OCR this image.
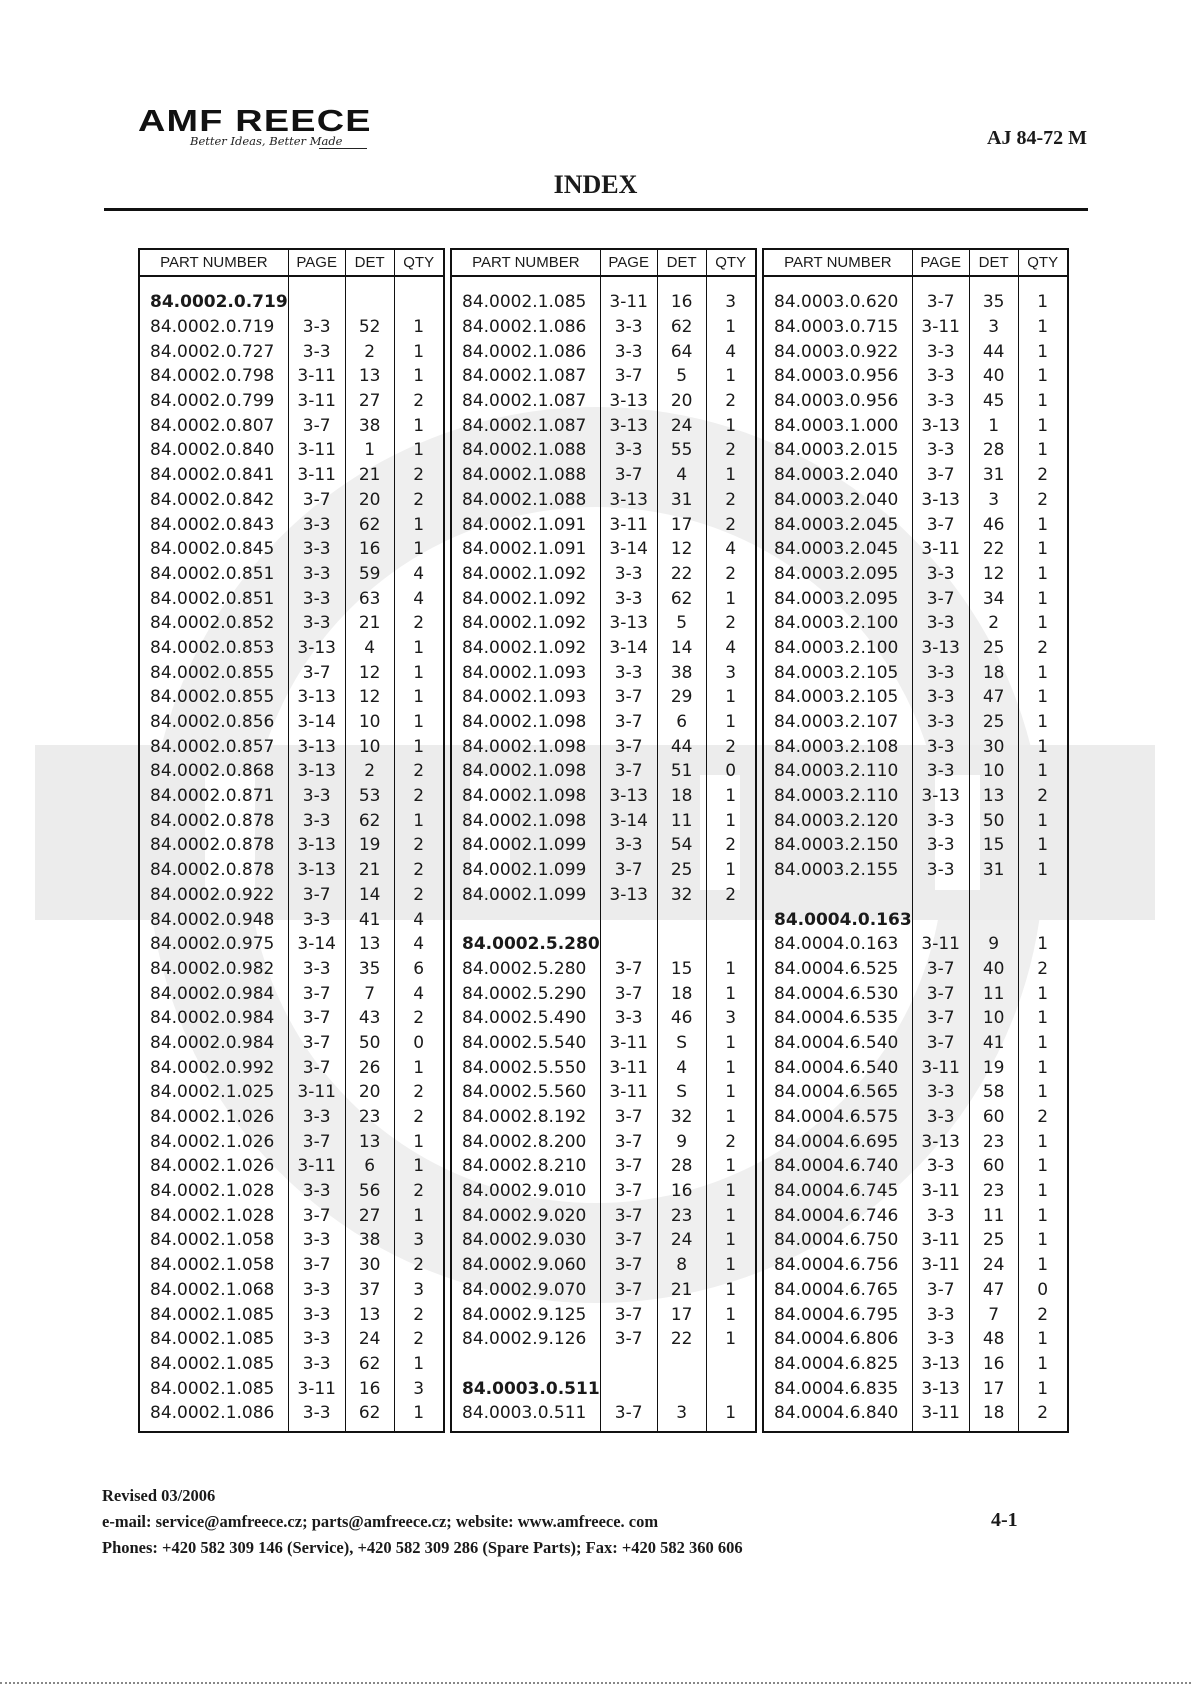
AMF REECE
Better Ideas, Better Made	AJ 84-72 M
INDEX
PART NUMBER	PAGE	DET	QTY

84.0002.0.719			
84.0002.0.719	3-3	52	1
84.0002.0.727	3-3	2	1
84.0002.0.798	3-11	13	1
84.0002.0.799	3-11	27	2
84.0002.0.807	3-7	38	1
84.0002.0.840	3-11	1	1
84.0002.0.841	3-11	21	2
84.0002.0.842	3-7	20	2
84.0002.0.843	3-3	62	1
84.0002.0.845	3-3	16	1
84.0002.0.851	3-3	59	4
84.0002.0.851	3-3	63	4
84.0002.0.852	3-3	21	2
84.0002.0.853	3-13	4	1
84.0002.0.855	3-7	12	1
84.0002.0.855	3-13	12	1
84.0002.0.856	3-14	10	1
84.0002.0.857	3-13	10	1
84.0002.0.868	3-13	2	2
84.0002.0.871	3-3	53	2
84.0002.0.878	3-3	62	1
84.0002.0.878	3-13	19	2
84.0002.0.878	3-13	21	2
84.0002.0.922	3-7	14	2
84.0002.0.948	3-3	41	4
84.0002.0.975	3-14	13	4
84.0002.0.982	3-3	35	6
84.0002.0.984	3-7	7	4
84.0002.0.984	3-7	43	2
84.0002.0.984	3-7	50	0
84.0002.0.992	3-7	26	1
84.0002.1.025	3-11	20	2
84.0002.1.026	3-3	23	2
84.0002.1.026	3-7	13	1
84.0002.1.026	3-11	6	1
84.0002.1.028	3-3	56	2
84.0002.1.028	3-7	27	1
84.0002.1.058	3-3	38	3
84.0002.1.058	3-7	30	2
84.0002.1.068	3-3	37	3
84.0002.1.085	3-3	13	2
84.0002.1.085	3-3	24	2
84.0002.1.085	3-3	62	1
84.0002.1.085	3-11	16	3
84.0002.1.086	3-3	62	1

PART NUMBER	PAGE	DET	QTY

84.0002.1.085	3-11	16	3
84.0002.1.086	3-3	62	1
84.0002.1.086	3-3	64	4
84.0002.1.087	3-7	5	1
84.0002.1.087	3-13	20	2
84.0002.1.087	3-13	24	1
84.0002.1.088	3-3	55	2
84.0002.1.088	3-7	4	1
84.0002.1.088	3-13	31	2
84.0002.1.091	3-11	17	2
84.0002.1.091	3-14	12	4
84.0002.1.092	3-3	22	2
84.0002.1.092	3-3	62	1
84.0002.1.092	3-13	5	2
84.0002.1.092	3-14	14	4
84.0002.1.093	3-3	38	3
84.0002.1.093	3-7	29	1
84.0002.1.098	3-7	6	1
84.0002.1.098	3-7	44	2
84.0002.1.098	3-7	51	0
84.0002.1.098	3-13	18	1
84.0002.1.098	3-14	11	1
84.0002.1.099	3-3	54	2
84.0002.1.099	3-7	25	1
84.0002.1.099	3-13	32	2

84.0002.5.280			
84.0002.5.280	3-7	15	1
84.0002.5.290	3-7	18	1
84.0002.5.490	3-3	46	3
84.0002.5.540	3-11	S	1
84.0002.5.550	3-11	4	1
84.0002.5.560	3-11	S	1
84.0002.8.192	3-7	32	1
84.0002.8.200	3-7	9	2
84.0002.8.210	3-7	28	1
84.0002.9.010	3-7	16	1
84.0002.9.020	3-7	23	1
84.0002.9.030	3-7	24	1
84.0002.9.060	3-7	8	1
84.0002.9.070	3-7	21	1
84.0002.9.125	3-7	17	1
84.0002.9.126	3-7	22	1

84.0003.0.511			
84.0003.0.511	3-7	3	1

PART NUMBER	PAGE	DET	QTY

84.0003.0.620	3-7	35	1
84.0003.0.715	3-11	3	1
84.0003.0.922	3-3	44	1
84.0003.0.956	3-3	40	1
84.0003.0.956	3-3	45	1
84.0003.1.000	3-13	1	1
84.0003.2.015	3-3	28	1
84.0003.2.040	3-7	31	2
84.0003.2.040	3-13	3	2
84.0003.2.045	3-7	46	1
84.0003.2.045	3-11	22	1
84.0003.2.095	3-3	12	1
84.0003.2.095	3-7	34	1
84.0003.2.100	3-3	2	1
84.0003.2.100	3-13	25	2
84.0003.2.105	3-3	18	1
84.0003.2.105	3-3	47	1
84.0003.2.107	3-3	25	1
84.0003.2.108	3-3	30	1
84.0003.2.110	3-3	10	1
84.0003.2.110	3-13	13	2
84.0003.2.120	3-3	50	1
84.0003.2.150	3-3	15	1
84.0003.2.155	3-3	31	1

84.0004.0.163			
84.0004.0.163	3-11	9	1
84.0004.6.525	3-7	40	2
84.0004.6.530	3-7	11	1
84.0004.6.535	3-7	10	1
84.0004.6.540	3-7	41	1
84.0004.6.540	3-11	19	1
84.0004.6.565	3-3	58	1
84.0004.6.575	3-3	60	2
84.0004.6.695	3-13	23	1
84.0004.6.740	3-3	60	1
84.0004.6.745	3-11	23	1
84.0004.6.746	3-3	11	1
84.0004.6.750	3-11	25	1
84.0004.6.756	3-11	24	1
84.0004.6.765	3-7	47	0
84.0004.6.795	3-3	7	2
84.0004.6.806	3-3	48	1
84.0004.6.825	3-13	16	1
84.0004.6.835	3-13	17	1
84.0004.6.840	3-11	18	2

Revised 03/2006
e-mail: service@amfreece.cz; parts@amfreece.cz; website: www.amfreece. com
Phones: +420 582 309 146 (Service), +420 582 309 286 (Spare Parts); Fax: +420 582 360 606
4-1
